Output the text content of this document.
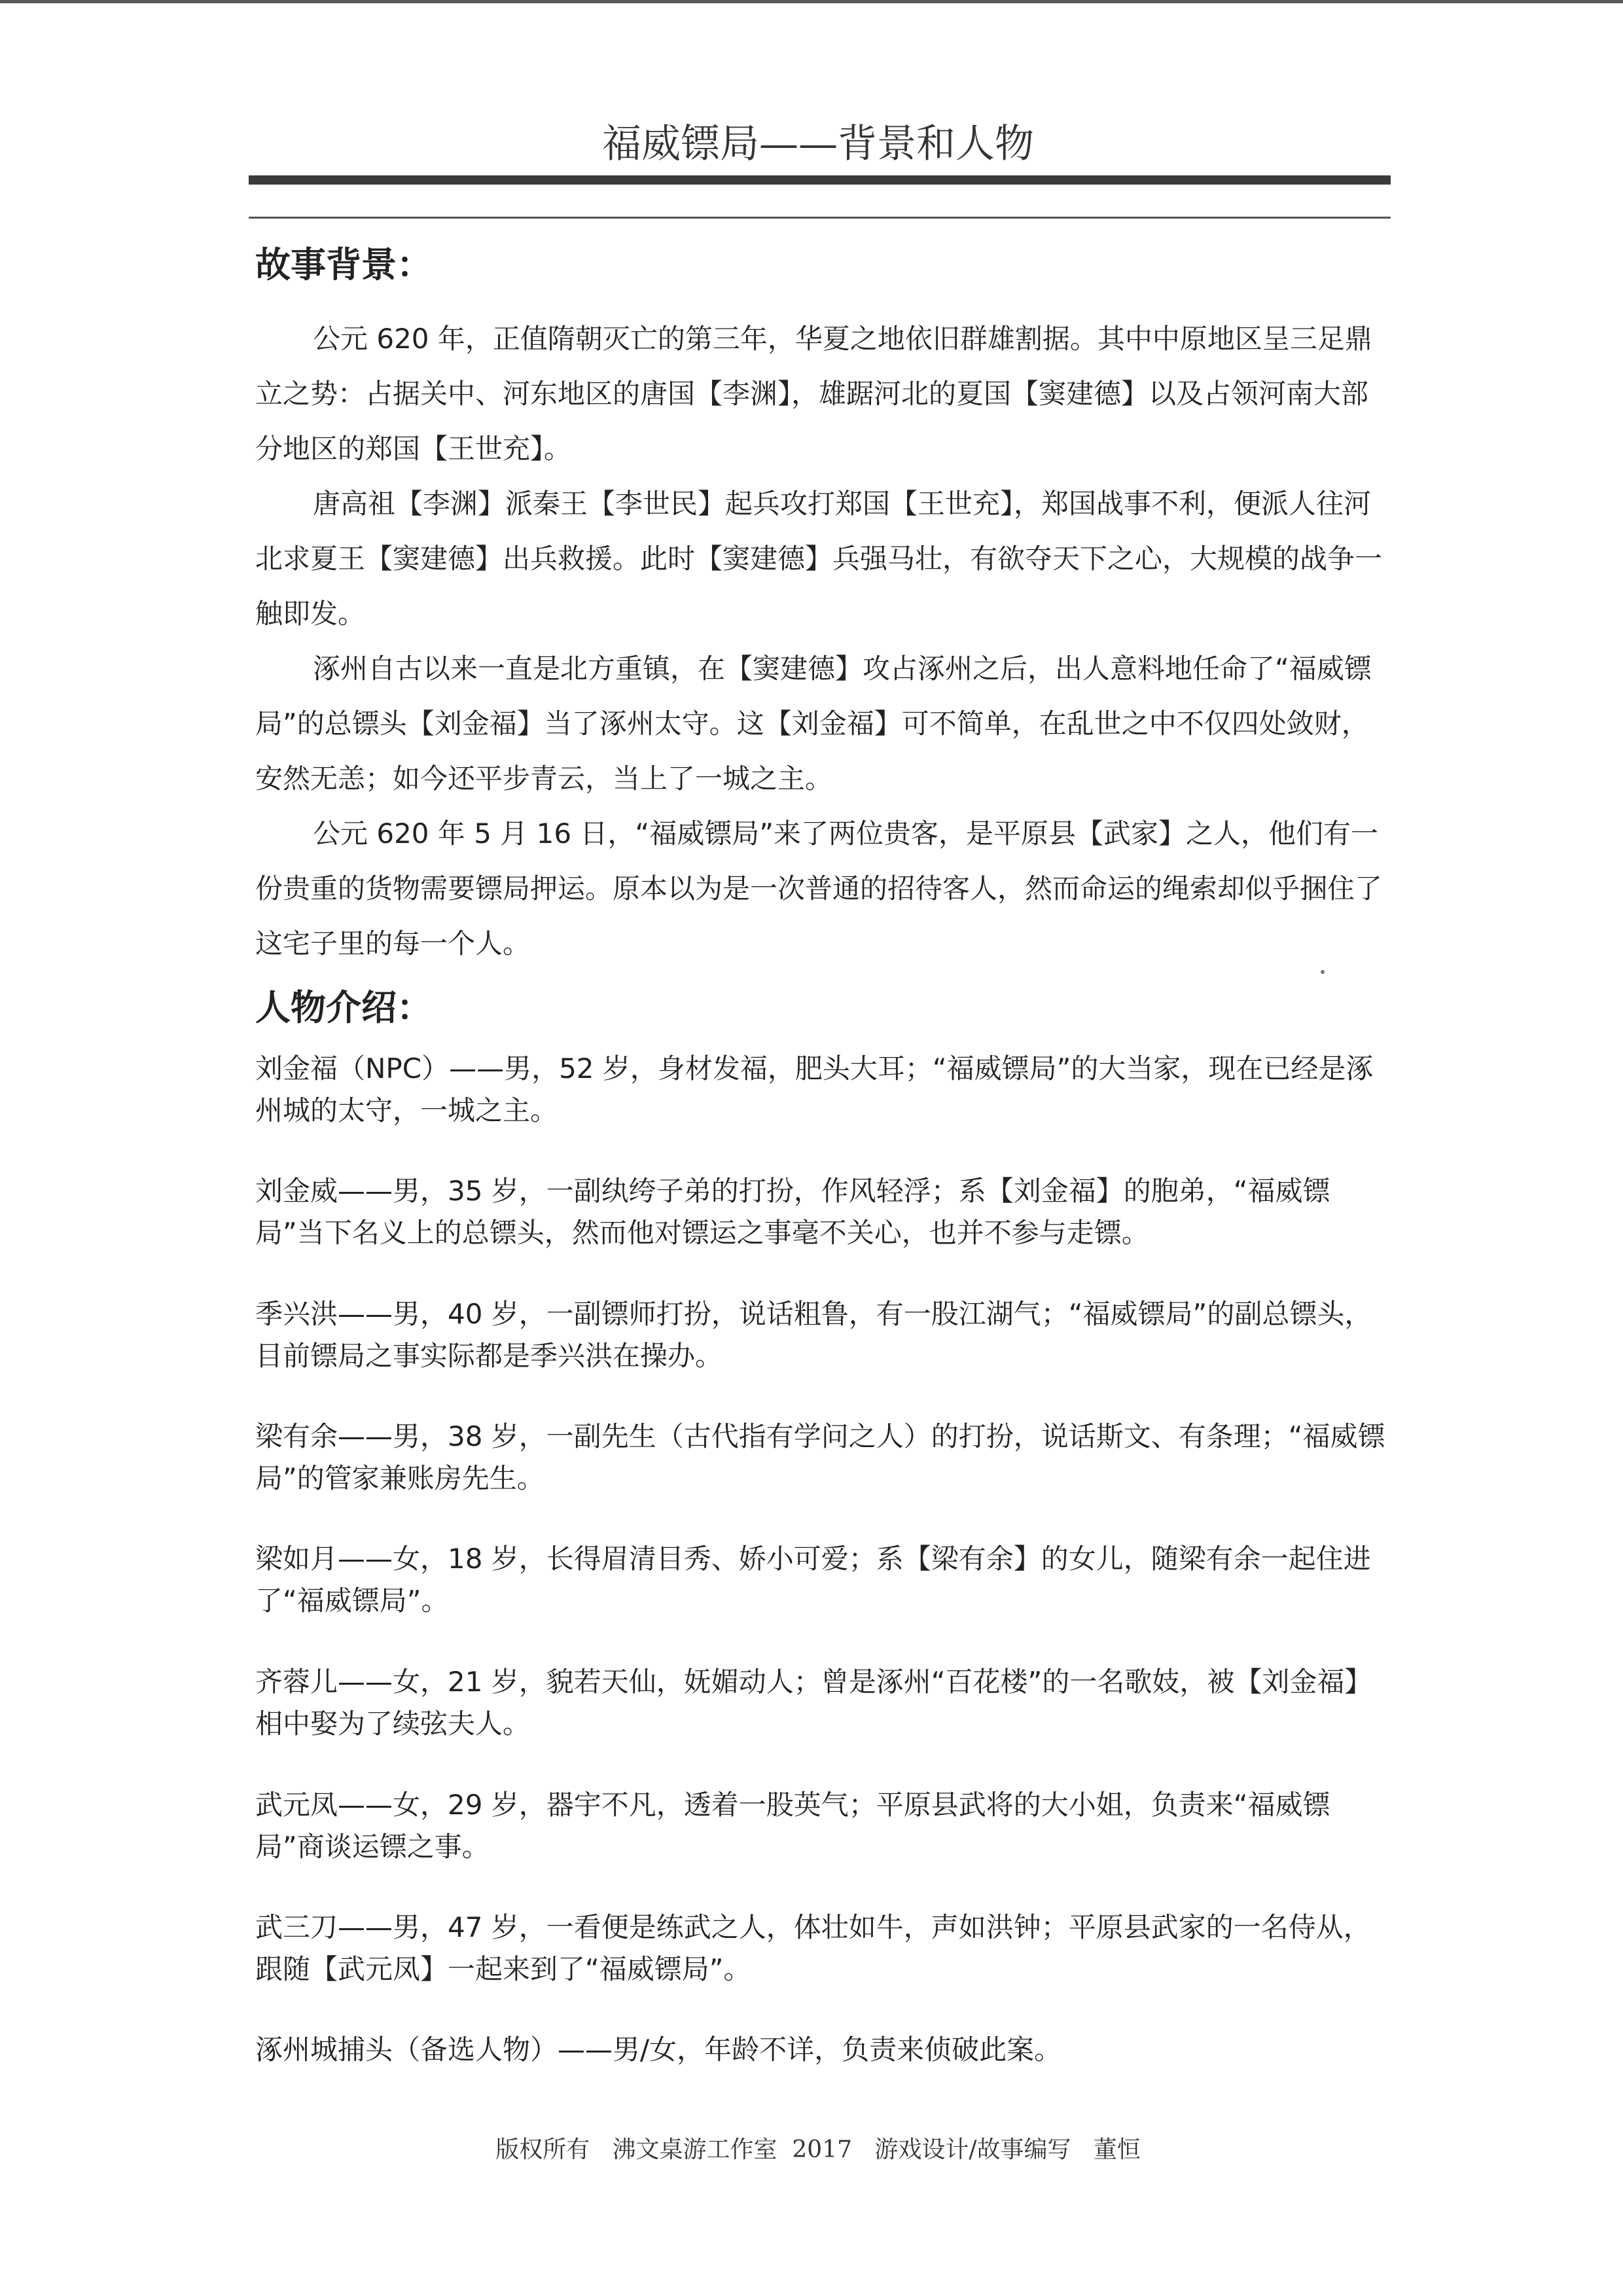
福威镖局——背景和人物
故事背景：

公元 620 年，正值隋朝灭亡的第三年，华夏之地依旧群雄割据。其中中原地区呈三足鼎立之势：占据关中、河东地区的唐国【李渊】，雄踞河北的夏国【窦建德】以及占领河南大部分地区的郑国【王世充】。

唐高祖【李渊】派秦王【李世民】起兵攻打郑国【王世充】，郑国战事不利，便派人往河北求夏王【窦建德】出兵救援。此时【窦建德】兵强马壮，有欲夺天下之心，大规模的战争一触即发。

涿州自古以来一直是北方重镇，在【窦建德】攻占涿州之后，出人意料地任命了“福威镖局”的总镖头【刘金福】当了涿州太守。这【刘金福】可不简单，在乱世之中不仅四处敛财，安然无恙；如今还平步青云，当上了一城之主。

公元 620 年 5 月 16 日，“福威镖局”来了两位贵客，是平原县【武家】之人，他们有一份贵重的货物需要镖局押运。原本以为是一次普通的招待客人，然而命运的绳索却似乎捆住了这宅子里的每一个人。

人物介绍：

刘金福（NPC）——男，52 岁，身材发福，肥头大耳；“福威镖局”的大当家，现在已经是涿州城的太守，一城之主。

刘金威——男，35 岁，一副纨绔子弟的打扮，作风轻浮；系【刘金福】的胞弟，“福威镖局”当下名义上的总镖头，然而他对镖运之事毫不关心，也并不参与走镖。

季兴洪——男，40 岁，一副镖师打扮，说话粗鲁，有一股江湖气；“福威镖局”的副总镖头，目前镖局之事实际都是季兴洪在操办。

梁有余——男，38 岁，一副先生（古代指有学问之人）的打扮，说话斯文、有条理；“福威镖局”的管家兼账房先生。

梁如月——女，18 岁，长得眉清目秀、娇小可爱；系【梁有余】的女儿，随梁有余一起住进了“福威镖局”。

齐蓉儿——女，21 岁，貌若天仙，妩媚动人；曾是涿州“百花楼”的一名歌妓，被【刘金福】相中娶为了续弦夫人。

武元凤——女，29 岁，器宇不凡，透着一股英气；平原县武将的大小姐，负责来“福威镖局”商谈运镖之事。

武三刀——男，47 岁，一看便是练武之人，体壮如牛，声如洪钟；平原县武家的一名侍从，跟随【武元凤】一起来到了“福威镖局”。

涿州城捕头（备选人物）——男/女，年龄不详，负责来侦破此案。

版权所有   沸文桌游工作室  2017   游戏设计/故事编写   董恒
